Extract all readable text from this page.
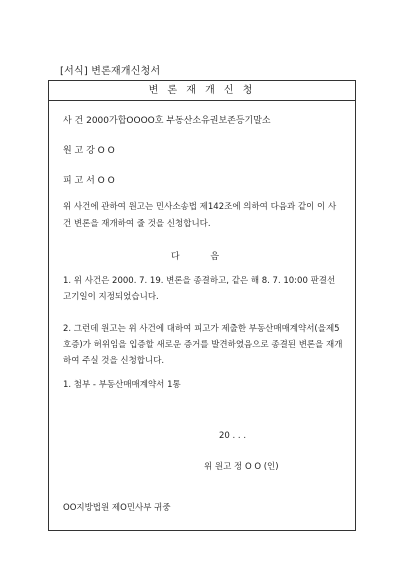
[서식] 변론재개신청서
변 론 재 개 신 청
사 건 2000가합OOOO호 부동산소유권보존등기말소
원 고 강 O O
피 고 서 O O
위 사건에 관하여 원고는 민사소송법 제142조에 의하여 다음과 같이 이 사건 변론을 재개하여 줄 것을 신청합니다.
다 음
1. 위 사건은 2000. 7. 19. 변론을 종결하고, 같은 해 8. 7. 10:00 판결선고기일이 지정되었습니다.
2. 그런데 원고는 위 사건에 대하여 피고가 제출한 부동산매매계약서(을제5호증)가 허위임을 입증할 새로운 증거를 발견하였음으로 종결된 변론을 재개하여 주실 것을 신청합니다.
1. 첨부 - 부동산매매계약서 1통
20 . . .
위 원고 정 O O (인)
OO지방법원 제O민사부 귀중
